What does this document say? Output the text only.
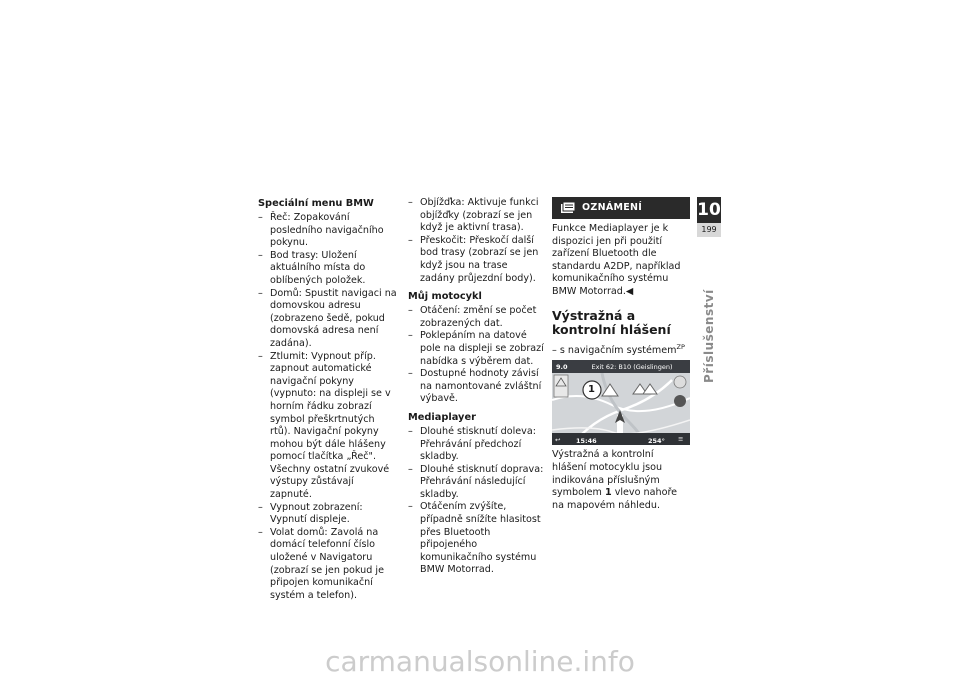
Speciální menu BMW
– Řeč: Zopakování posledního navigačního pokynu.
– Bod trasy: Uložení aktuálního místa do oblíbených položek.
– Domů: Spustit navigaci na domovskou adresu (zobrazeno šedě, pokud domovská adresa není zadána).
– Ztlumit: Vypnout příp. zapnout automatické navigační pokyny (vypnuto: na displeji se v horním řádku zobrazí symbol přeškrtnutých rtů). Navigační pokyny mohou být dále hlášeny pomocí tlačítka „Řeč". Všechny ostatní zvukové výstupy zůstávají zapnuté.
– Vypnout zobrazení: Vypnutí displeje.
– Volat domů: Zavolá na domácí telefonní číslo uložené v Navigatoru (zobrazí se jen pokud je připojen komunikační systém a telefon).
– Objížďka: Aktivuje funkci objížďky (zobrazí se jen když je aktivní trasa).
– Přeskočit: Přeskočí další bod trasy (zobrazí se jen když jsou na trase zadány průjezdní body).
Můj motocykl
– Otáčení: změní se počet zobrazených dat.
– Poklepáním na datové pole na displeji se zobrazí nabídka s výběrem dat.
– Dostupné hodnoty závisí na namontované zvláštní výbavě.
Mediaplayer
– Dlouhé stisknutí doleva: Přehrávání předchozí skladby.
– Dlouhé stisknutí doprava: Přehrávání následující skladby.
– Otáčením zvýšíte, případně snížíte hlasitost přes Bluetooth připojeného komunikačního systému BMW Motorrad.
OZNÁMENÍ
Funkce Mediaplayer je k dispozici jen při použití zařízení Bluetooth dle standardu A2DP, například komunikačního systému BMW Motorrad.◀
Výstražná a kontrolní hlášení
– s navigačním systémem$^{ZP}$
9.0	Exit 62: B10 (Geislingen)
1
↩ 15:46	254° ≡
Výstražná a kontrolní hlášení motocyklu jsou indikována příslušným symbolem 1 vlevo nahoře na mapovém náhledu.
10
199
Příslušenství
carmanualsonline.info
